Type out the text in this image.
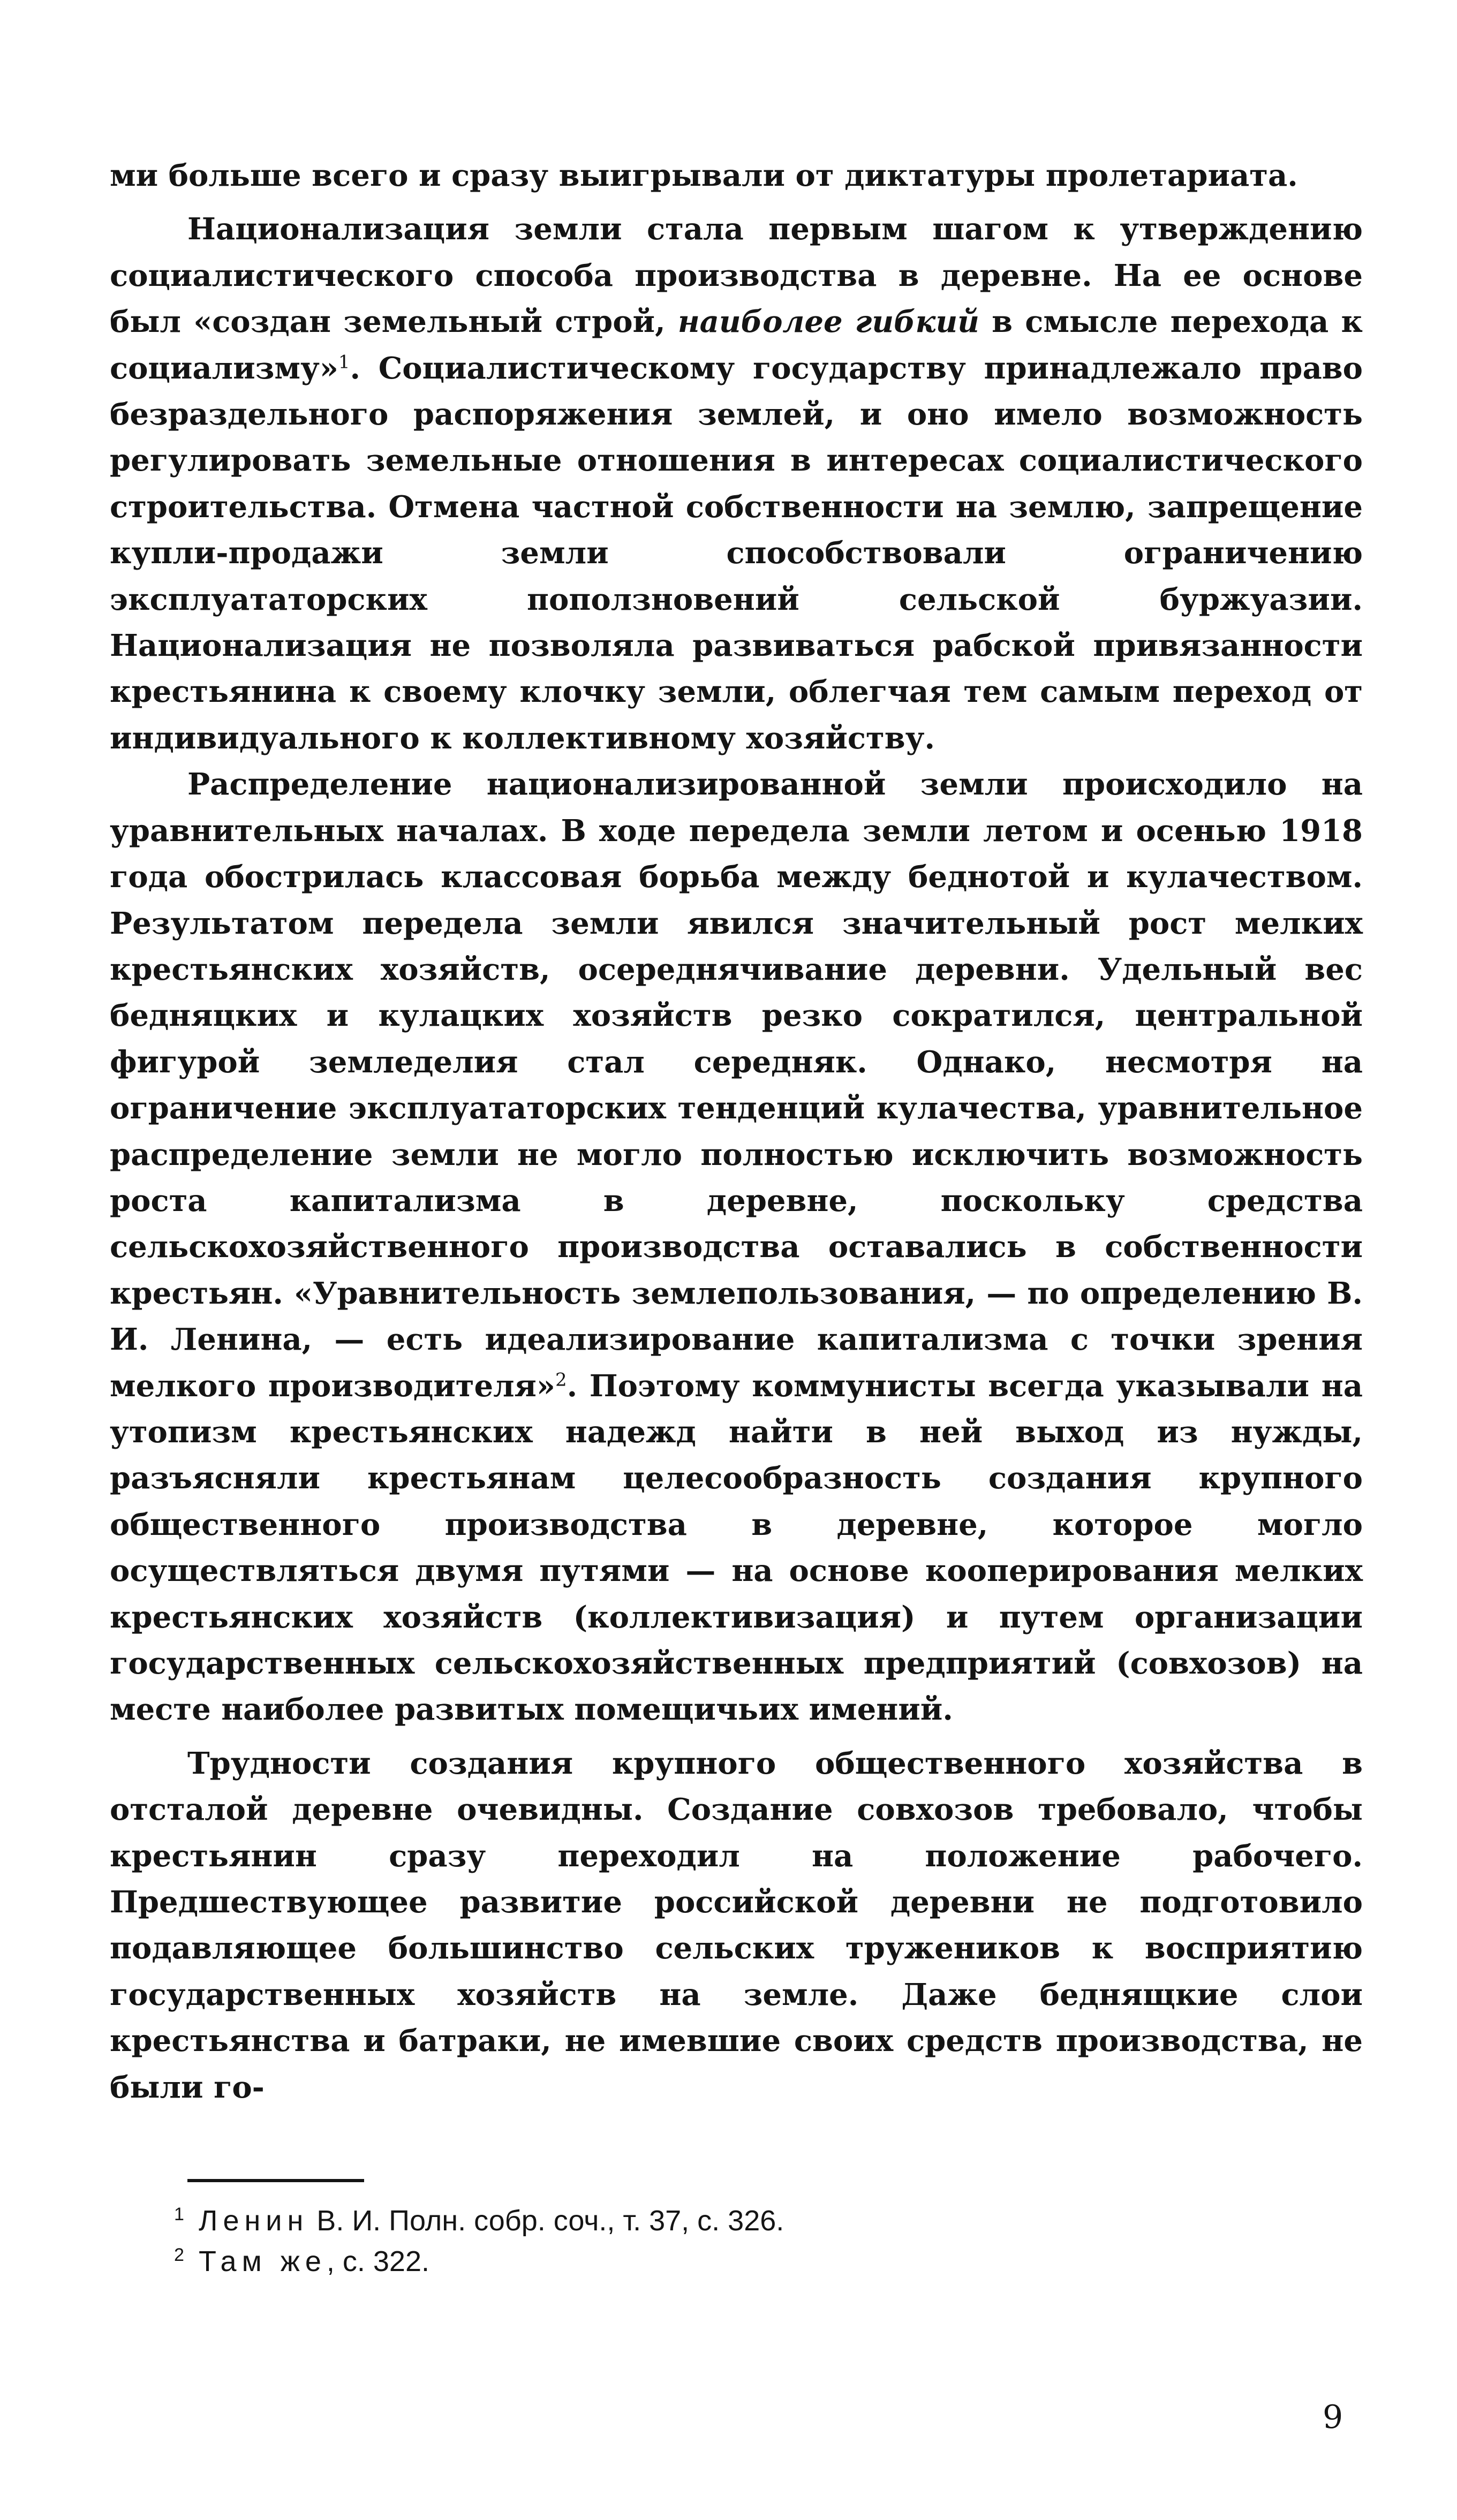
ми больше всего и сразу выигрывали от диктатуры пролетариата.

Национализация земли стала первым шагом к утверждению социалистического способа производства в деревне. На ее основе был «создан земельный строй, наиболее гибкий в смысле перехода к социализму»$^1$. Социалистическому государству принадлежало право безраздельного распоряжения землей, и оно имело возможность регулировать земельные отношения в интересах социалистического строительства. Отмена частной собственности на землю, запрещение купли-продажи земли способствовали ограничению эксплуататорских поползновений сельской буржуазии. Национализация не позволяла развиваться рабской привязанности крестьянина к своему клочку земли, облегчая тем самым переход от индивидуального к коллективному хозяйству.

Распределение национализированной земли происходило на уравнительных началах. В ходе передела земли летом и осенью 1918 года обострилась классовая борьба между беднотой и кулачеством. Результатом передела земли явился значительный рост мелких крестьянских хозяйств, осереднячивание деревни. Удельный вес бедняцких и кулацких хозяйств резко сократился, центральной фигурой земледелия стал середняк. Однако, несмотря на ограничение эксплуататорских тенденций кулачества, уравнительное распределение земли не могло полностью исключить возможность роста капитализма в деревне, поскольку средства сельскохозяйственного производства оставались в собственности крестьян. «Уравнительность землепользования, — по определению В. И. Ленина, — есть идеализирование капитализма с точки зрения мелкого производителя»$^2$. Поэтому коммунисты всегда указывали на утопизм крестьянских надежд найти в ней выход из нужды, разъясняли крестьянам целесообразность создания крупного общественного производства в деревне, которое могло осуществляться двумя путями — на основе кооперирования мелких крестьянских хозяйств (коллективизация) и путем организации государственных сельскохозяйственных предприятий (совхозов) на месте наиболее развитых помещичьих имений.

Трудности создания крупного общественного хозяйства в отсталой деревне очевидны. Создание совхозов требовало, чтобы крестьянин сразу переходил на положение рабочего. Предшествующее развитие российской деревни не подготовило подавляющее большинство сельских тружеников к восприятию государственных хозяйств на земле. Даже беднящкие слои крестьянства и батраки, не имевшие своих средств производства, не были го-

1 Ленин В. И. Полн. собр. соч., т. 37, с. 326.

2 Там же, с. 322.

9
